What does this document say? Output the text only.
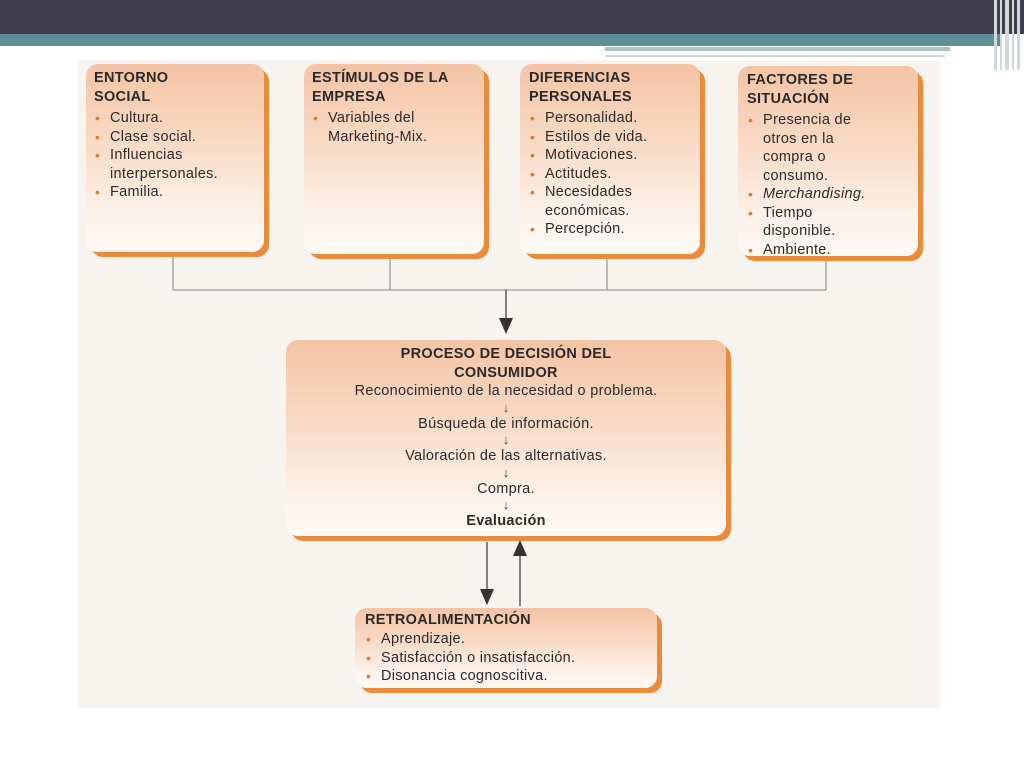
ENTORNO SOCIAL
• Cultura.
• Clase social.
• Influencias interpersonales.
• Familia.
ESTÍMULOS DE LA EMPRESA
• Variables del Marketing-Mix.
DIFERENCIAS PERSONALES
• Personalidad.
• Estilos de vida.
• Motivaciones.
• Actitudes.
• Necesidades económicas.
• Percepción.
FACTORES DE SITUACIÓN
• Presencia de otros en la compra o consumo.
• Merchandising.
• Tiempo disponible.
• Ambiente.
PROCESO DE DECISIÓN DEL CONSUMIDOR
Reconocimiento de la necesidad o problema.
↓
Búsqueda de información.
↓
Valoración de las alternativas.
↓
Compra.
↓
Evaluación
RETROALIMENTACIÓN
• Aprendizaje.
• Satisfacción o insatisfacción.
• Disonancia cognoscitiva.
